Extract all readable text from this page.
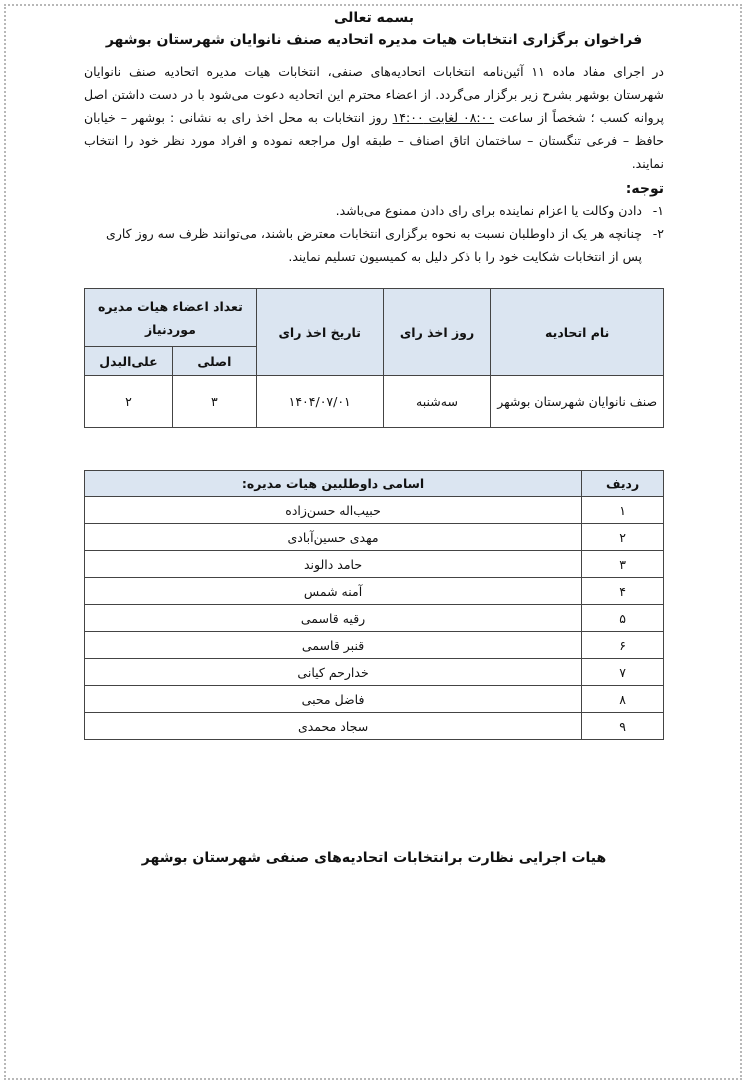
بسمه تعالی
فراخوان برگزاری انتخابات هیات مدیره اتحادیه صنف نانوایان شهرستان بوشهر

در اجرای مفاد ماده ۱۱ آئین‌نامه انتخابات اتحادیه‌های صنفی، انتخابات هیات مدیره اتحادیه صنف نانوایان شهرستان بوشهر بشرح زیر برگزار می‌گردد. از اعضاء محترم این اتحادیه دعوت می‌شود با در دست داشتن اصل پروانه کسب ؛ شخصاً از ساعت ۰۸:۰۰ لغایت ۱۴:۰۰ روز انتخابات به محل اخذ رای به نشانی : بوشهر – خیابان حافظ – فرعی تنگستان – ساختمان اتاق اصناف – طبقه اول مراجعه نموده و افراد مورد نظر خود را انتخاب نمایند.

توجه:
۱-
دادن وکالت یا اعزام نماینده برای رای دادن ممنوع می‌باشد.
۲-
چنانچه هر یک از داوطلبان نسبت به نحوه برگزاری انتخابات معترض باشند، می‌توانند ظرف سه روز کاری پس از انتخابات شکایت خود را با ذکر دلیل به کمیسیون تسلیم نمایند.
نام اتحادیه	روز اخذ رای	تاریخ اخذ رای	تعداد اعضاء هیات مدیره موردنیاز	
			اصلی	علی‌البدل
صنف نانوایان شهرستان بوشهر	سه‌شنبه	۱۴۰۴/۰۷/۰۱	۳	۲
ردیف	اسامی داوطلبین هیات مدیره:
۱	حبیب‌اله حسن‌زاده
۲	مهدی حسین‌آبادی
۳	حامد دالوند
۴	آمنه شمس
۵	رقیه قاسمی
۶	قنبر قاسمی
۷	خدارحم کیانی
۸	فاضل محبی
۹	سجاد محمدی
هیات اجرایی نظارت برانتخابات اتحادیه‌های صنفی شهرستان بوشهر
